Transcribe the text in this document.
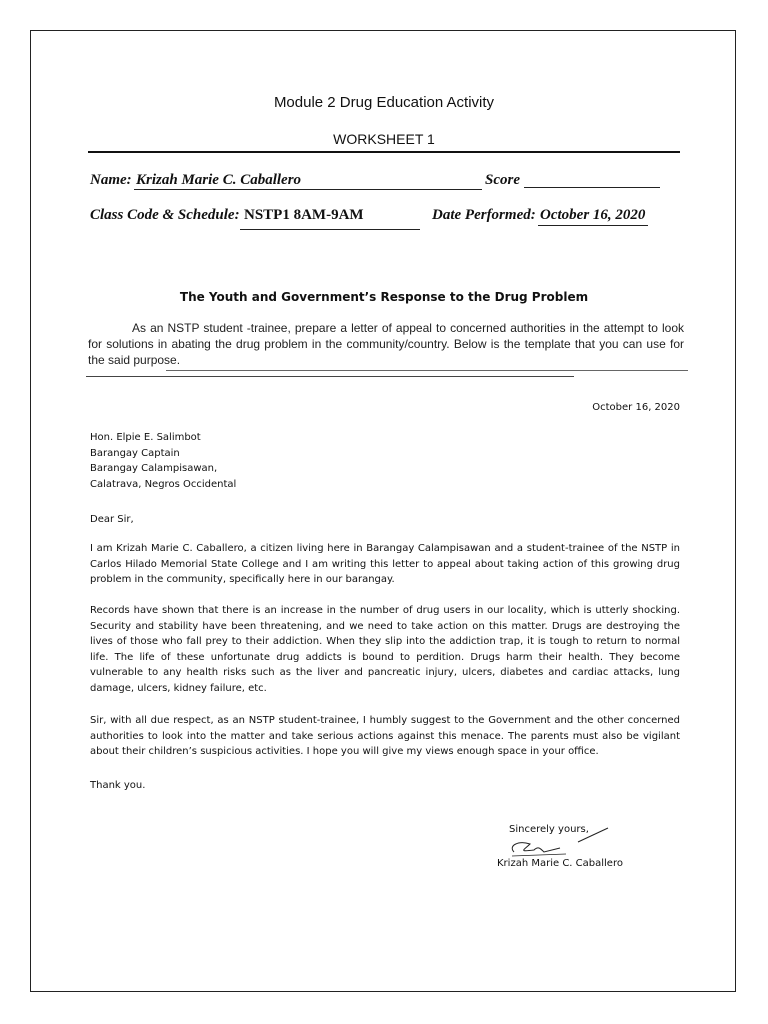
Module 2 Drug Education Activity
WORKSHEET 1
Name: Krizah Marie C. Caballero	Score
Class Code & Schedule: NSTP1 8AM-9AM	Date Performed: October 16, 2020
The Youth and Government’s Response to the Drug Problem
As an NSTP student -trainee, prepare a letter of appeal to concerned authorities in the attempt to look for solutions in abating the drug problem in the community/country. Below is the template that you can use for the said purpose.
October 16, 2020
Hon. Elpie E. Salimbot
Barangay Captain
Barangay Calampisawan,
Calatrava, Negros Occidental
Dear Sir,
I am Krizah Marie C. Caballero, a citizen living here in Barangay Calampisawan and a student-trainee of the NSTP in Carlos Hilado Memorial State College and I am writing this letter to appeal about taking action of this growing drug problem in the community, specifically here in our barangay.
Records have shown that there is an increase in the number of drug users in our locality, which is utterly shocking. Security and stability have been threatening, and we need to take action on this matter. Drugs are destroying the lives of those who fall prey to their addiction. When they slip into the addiction trap, it is tough to return to normal life. The life of these unfortunate drug addicts is bound to perdition. Drugs harm their health. They become vulnerable to any health risks such as the liver and pancreatic injury, ulcers, diabetes and cardiac attacks, lung damage, ulcers, kidney failure, etc.
Sir, with all due respect, as an NSTP student-trainee, I humbly suggest to the Government and the other concerned authorities to look into the matter and take serious actions against this menace. The parents must also be vigilant about their children’s suspicious activities. I hope you will give my views enough space in your office.
Thank you.
Sincerely yours,
Krizah Marie C. Caballero
